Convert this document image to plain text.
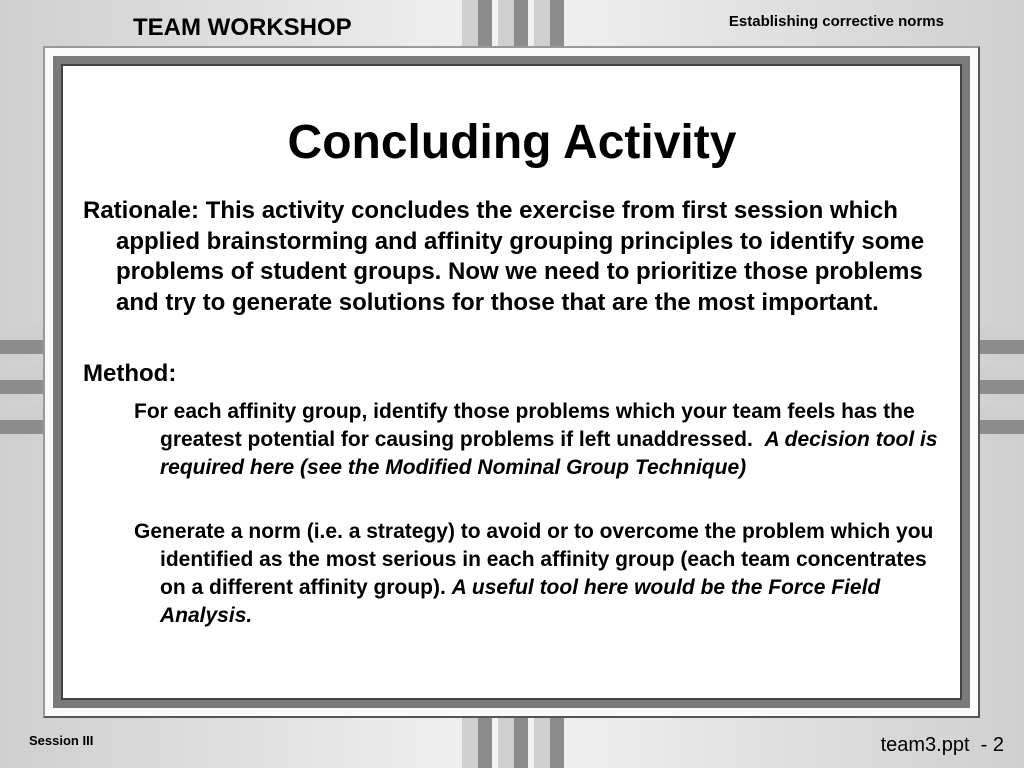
TEAM WORKSHOP	Establishing corrective norms
Concluding Activity
Rationale: This activity concludes the exercise from first session which applied brainstorming and affinity grouping principles to identify some problems of student groups. Now we need to prioritize those problems and try to generate solutions for those that are the most important.
Method:
For each affinity group, identify those problems which your team feels has the greatest potential for causing problems if left unaddressed. A decision tool is required here (see the Modified Nominal Group Technique)
Generate a norm (i.e. a strategy) to avoid or to overcome the problem which you identified as the most serious in each affinity group (each team concentrates on a different affinity group). A useful tool here would be the Force Field Analysis.
Session III	team3.ppt  - 2
